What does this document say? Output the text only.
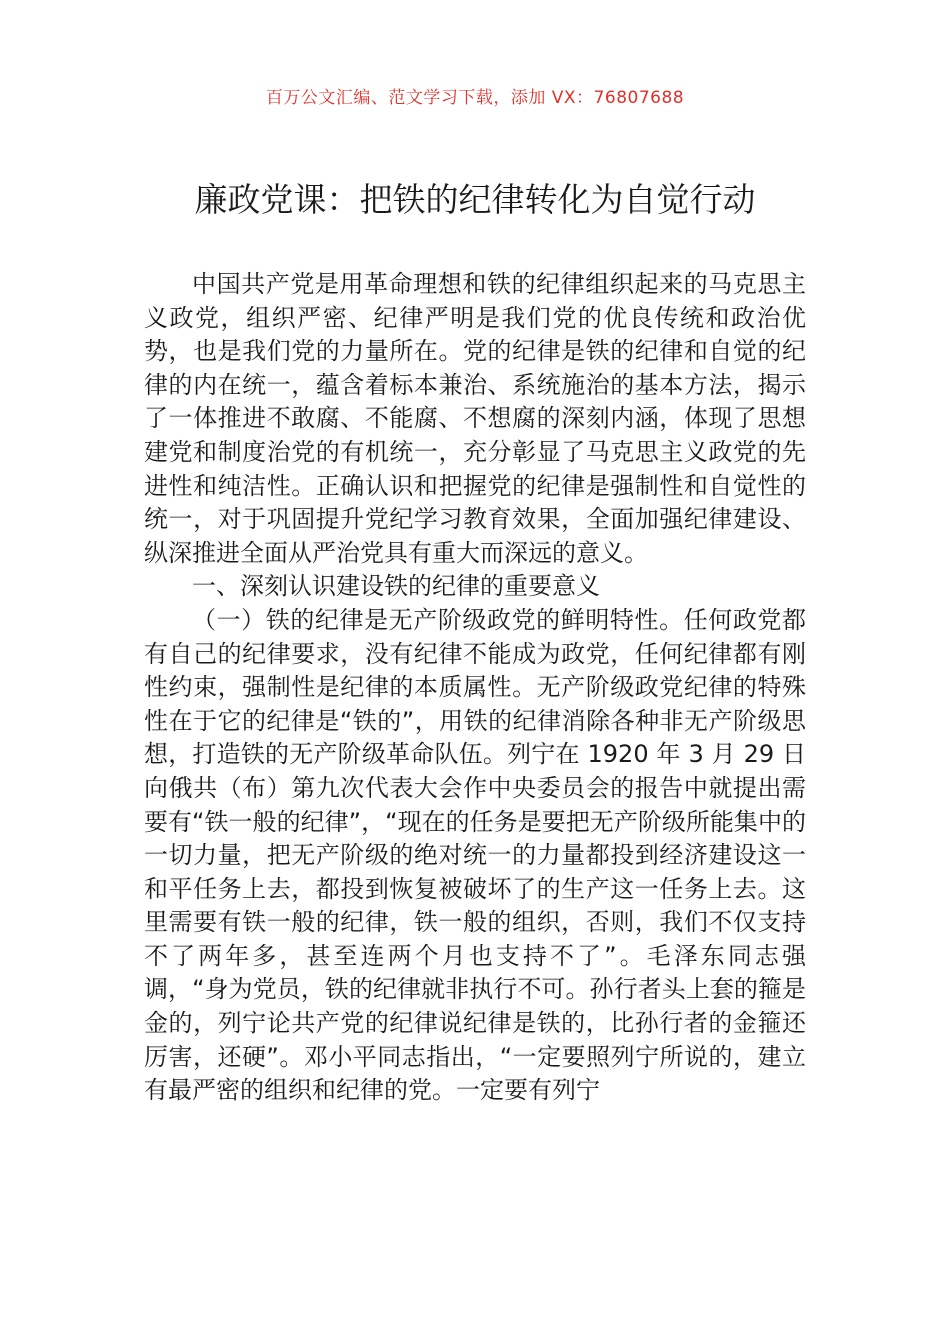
百万公文汇编、范文学习下载，添加 VX：76807688
廉政党课：把铁的纪律转化为自觉行动

中国共产党是用革命理想和铁的纪律组织起来的马克思主义政党，组织严密、纪律严明是我们党的优良传统和政治优势，也是我们党的力量所在。党的纪律是铁的纪律和自觉的纪律的内在统一，蕴含着标本兼治、系统施治的基本方法，揭示了一体推进不敢腐、不能腐、不想腐的深刻内涵，体现了思想建党和制度治党的有机统一，充分彰显了马克思主义政党的先进性和纯洁性。正确认识和把握党的纪律是强制性和自觉性的统一，对于巩固提升党纪学习教育效果，全面加强纪律建设、纵深推进全面从严治党具有重大而深远的意义。

一、深刻认识建设铁的纪律的重要意义

（一）铁的纪律是无产阶级政党的鲜明特性。任何政党都有自己的纪律要求，没有纪律不能成为政党，任何纪律都有刚性约束，强制性是纪律的本质属性。无产阶级政党纪律的特殊性在于它的纪律是“铁的”，用铁的纪律消除各种非无产阶级思想，打造铁的无产阶级革命队伍。列宁在 1920 年 3 月 29 日向俄共（布）第九次代表大会作中央委员会的报告中就提出需要有“铁一般的纪律”，“现在的任务是要把无产阶级所能集中的一切力量，把无产阶级的绝对统一的力量都投到经济建设这一和平任务上去，都投到恢复被破坏了的生产这一任务上去。这里需要有铁一般的纪律，铁一般的组织，否则，我们不仅支持不了两年多，甚至连两个月也支持不了”。毛泽东同志强调，“身为党员，铁的纪律就非执行不可。孙行者头上套的箍是金的，列宁论共产党的纪律说纪律是铁的，比孙行者的金箍还厉害，还硬”。邓小平同志指出，“一定要照列宁所说的，建立有最严密的组织和纪律的党。一定要有列宁
